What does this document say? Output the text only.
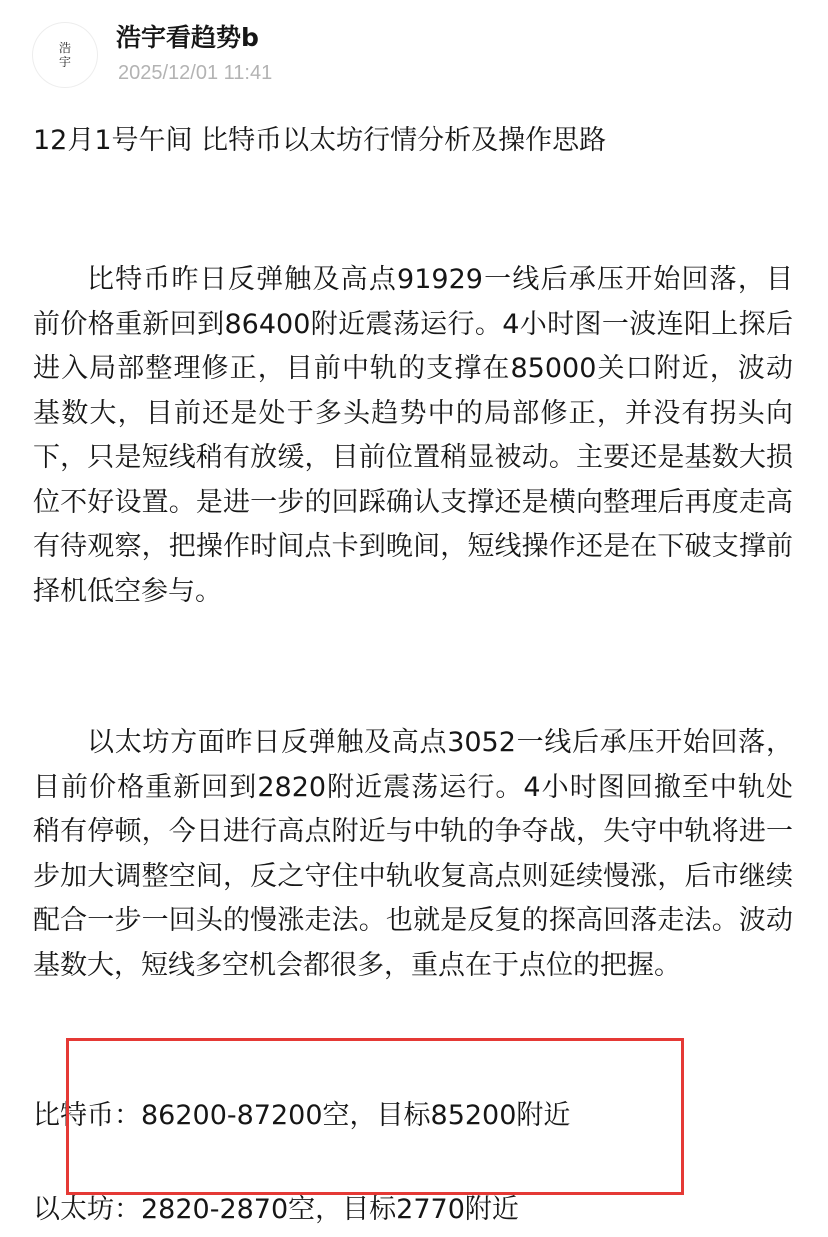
浩
宇
浩宇看趋势b
2025/12/01 11:41
12月1号午间 比特币以太坊行情分析及操作思路

比特币昨日反弹触及高点91929一线后承压开始回落，目前价格重新回到86400附近震荡运行。4小时图一波连阳上探后进入局部整理修正，目前中轨的支撑在85000关口附近，波动基数大，目前还是处于多头趋势中的局部修正，并没有拐头向下，只是短线稍有放缓，目前位置稍显被动。主要还是基数大损位不好设置。是进一步的回踩确认支撑还是横向整理后再度走高有待观察，把操作时间点卡到晚间，短线操作还是在下破支撑前择机低空参与。

以太坊方面昨日反弹触及高点3052一线后承压开始回落，目前价格重新回到2820附近震荡运行。4小时图回撤至中轨处稍有停顿，今日进行高点附近与中轨的争夺战，失守中轨将进一步加大调整空间，反之守住中轨收复高点则延续慢涨，后市继续配合一步一回头的慢涨走法。也就是反复的探高回落走法。波动基数大，短线多空机会都很多，重点在于点位的把握。

比特币：86200-87200空，目标85200附近
以太坊：2820-2870空，目标2770附近
